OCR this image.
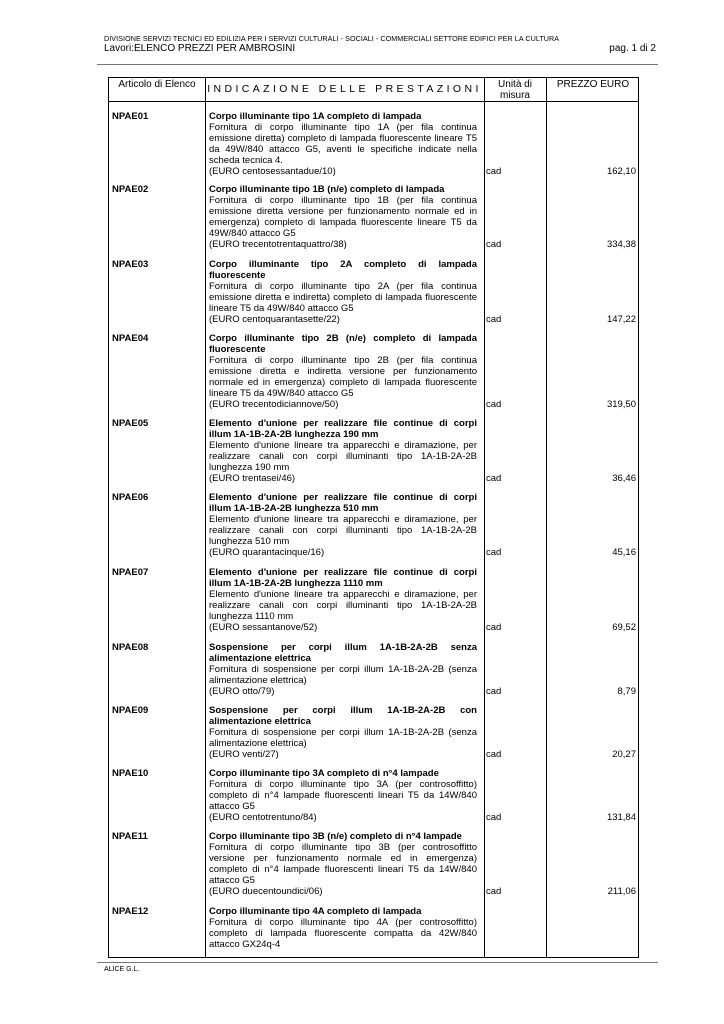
DIVISIONE SERVIZI TECNICI ED EDILIZIA PER I SERVIZI CULTURALI - SOCIALI - COMMERCIALI SETTORE EDIFICI PER LA CULTURA
Lavori:ELENCO PREZZI PER AMBROSINI	pag. 1 di 2
Articolo di Elenco	INDICAZIONE DELLE PRESTAZIONI	Unità di misura
PREZZO EURO
NPAE01	Corpo illuminante tipo 1A completo di lampada
Fornitura di corpo illuminante tipo 1A (per fila continua emissione diretta) completo di lampada fluorescente lineare T5 da 49W/840 attacco G5, aventi le specifiche indicate nella scheda tecnica 4.
(EURO centosessantadue/10)	cad	162,10
NPAE02	Corpo illuminante tipo 1B (n/e) completo di lampada
Fornitura di corpo illuminante tipo 1B (per fila continua emissione diretta versione per funzionamento normale ed in emergenza) completo di lampada fluorescente lineare T5 da 49W/840 attacco G5
(EURO trecentotrentaquattro/38)	cad	334,38
NPAE03	Corpo illuminante tipo 2A completo di lampada fluorescente
Fornitura di corpo illuminante tipo 2A (per fila continua emissione diretta e indiretta) completo di lampada fluorescente lineare T5 da 49W/840 attacco G5
(EURO centoquarantasette/22)	cad	147,22
NPAE04	Corpo illuminante tipo 2B (n/e) completo di lampada fluorescente
Fornitura di corpo illuminante tipo 2B (per fila continua emissione diretta e indiretta versione per funzionamento normale ed in emergenza) completo di lampada fluorescente lineare T5 da 49W/840 attacco G5
(EURO trecentodiciannove/50)	cad	319,50
NPAE05	Elemento d'unione per realizzare file continue di corpi illum 1A-1B-2A-2B lunghezza 190 mm
Elemento d'unione lineare tra apparecchi e diramazione, per realizzare canali con corpi illuminanti tipo 1A-1B-2A-2B lunghezza 190 mm
(EURO trentasei/46)	cad	36,46
NPAE06	Elemento d'unione per realizzare file continue di corpi illum 1A-1B-2A-2B lunghezza 510 mm
Elemento d'unione lineare tra apparecchi e diramazione, per realizzare canali con corpi illuminanti tipo 1A-1B-2A-2B lunghezza 510 mm
(EURO quarantacinque/16)	cad	45,16
NPAE07	Elemento d'unione per realizzare file continue di corpi illum 1A-1B-2A-2B lunghezza 1110 mm
Elemento d'unione lineare tra apparecchi e diramazione, per realizzare canali con corpi illuminanti tipo 1A-1B-2A-2B lunghezza 1110 mm
(EURO sessantanove/52)	cad	69,52
NPAE08	Sospensione per corpi illum 1A-1B-2A-2B senza alimentazione elettrica
Fornitura di sospensione per corpi illum 1A-1B-2A-2B (senza alimentazione elettrica)
(EURO otto/79)	cad	8,79
NPAE09	Sospensione per corpi illum 1A-1B-2A-2B con alimentazione elettrica
Fornitura di sospensione per corpi illum 1A-1B-2A-2B (senza alimentazione elettrica)
(EURO venti/27)	cad	20,27
NPAE10	Corpo illuminante tipo 3A completo di n°4 lampade
Fornitura di corpo illuminante tipo 3A (per controsoffitto) completo di n°4 lampade fluorescenti lineari T5 da 14W/840 attacco G5
(EURO centotrentuno/84)	cad	131,84
NPAE11	Corpo illuminante tipo 3B (n/e) completo di n°4 lampade
Fornitura di corpo illuminante tipo 3B (per controsoffitto versione per funzionamento normale ed in emergenza) completo di n°4 lampade fluorescenti lineari T5 da 14W/840 attacco G5
(EURO duecentoundici/06)	cad	211,06
NPAE12	Corpo illuminante tipo 4A completo di lampada
Fornitura di corpo illuminante tipo 4A (per controsoffitto) completo di lampada fluorescente compatta da 42W/840 attacco GX24q-4
ALICE G.L.
